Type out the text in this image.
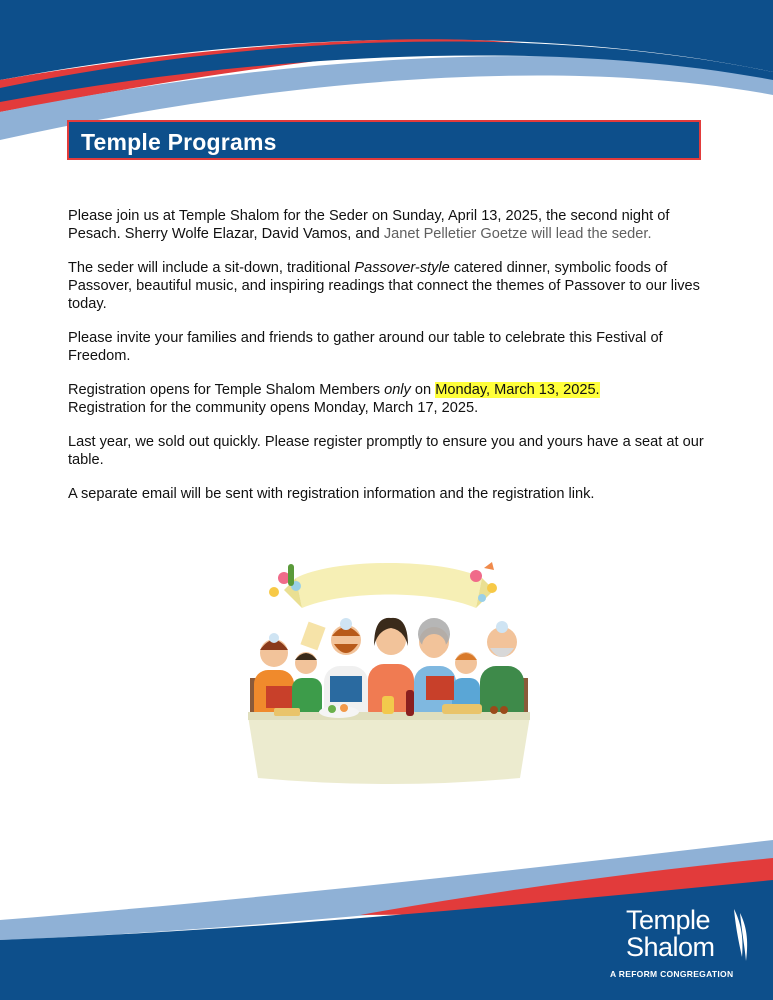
Temple Programs

Please join us at Temple Shalom for the Seder on Sunday, April 13, 2025, the second night of Pesach. Sherry Wolfe Elazar, David Vamos, and Janet Pelletier Goetze will lead the seder.

The seder will include a sit-down, traditional Passover-style catered dinner, symbolic foods of Passover, beautiful music, and inspiring readings that connect the themes of Passover to our lives today.

Please invite your families and friends to gather around our table to celebrate this Festival of Freedom.

Registration opens for Temple Shalom Members only on Monday, March 13, 2025.
Registration for the community opens Monday, March 17, 2025.

Last year, we sold out quickly. Please register promptly to ensure you and yours have a seat at our table.

A separate email will be sent with registration information and the registration link.

Temple
Shalom
A REFORM CONGREGATION
